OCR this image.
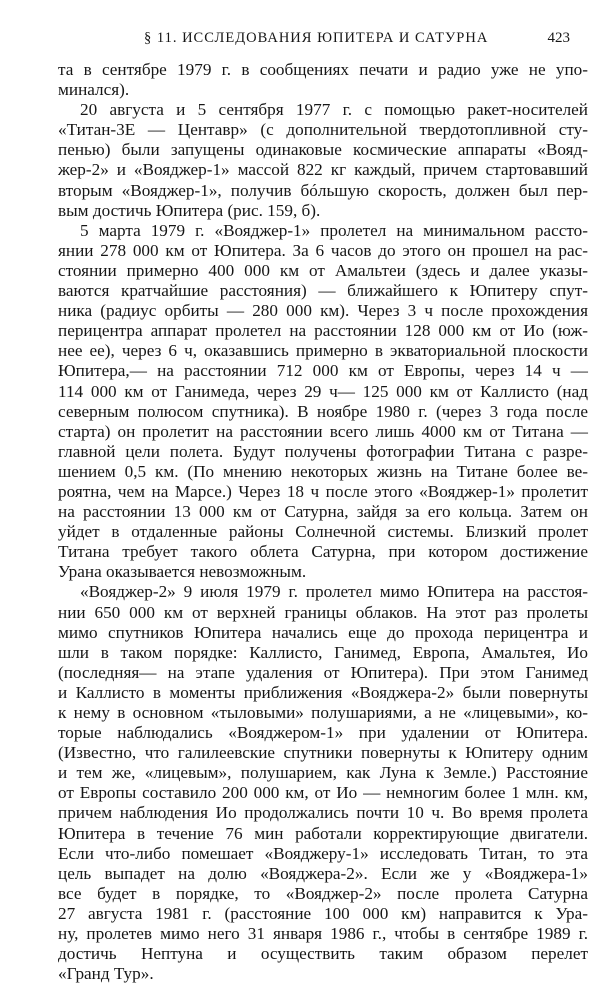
§ 11. ИССЛЕДОВАНИЯ ЮПИТЕРА И САТУРНА	423
та в сентябре 1979 г. в сообщениях печати и радио уже не упо-
минался).
20 августа и 5 сентября 1977 г. с помощью ракет-носителей
«Титан-3Е — Центавр» (с дополнительной твердотопливной сту-
пенью) были запущены одинаковые космические аппараты «Вояд-
жер-2» и «Вояджер-1» массой 822 кг каждый, причем стартовавший
вторым «Вояджер-1», получив бóльшую скорость, должен был пер-
вым достичь Юпитера (рис. 159, б).
5 марта 1979 г. «Вояджер-1» пролетел на минимальном рассто-
янии 278 000 км от Юпитера. За 6 часов до этого он прошел на рас-
стоянии примерно 400 000 км от Амальтеи (здесь и далее указы-
ваются кратчайшие расстояния) — ближайшего к Юпитеру спут-
ника (радиус орбиты — 280 000 км). Через 3 ч после прохождения
перицентра аппарат пролетел на расстоянии 128 000 км от Ио (юж-
нее ее), через 6 ч, оказавшись примерно в экваториальной плоскости
Юпитера,— на расстоянии 712 000 км от Европы, через 14 ч —
114 000 км от Ганимеда, через 29 ч— 125 000 км от Каллисто (над
северным полюсом спутника). В ноябре 1980 г. (через 3 года после
старта) он пролетит на расстоянии всего лишь 4000 км от Титана —
главной цели полета. Будут получены фотографии Титана с разре-
шением 0,5 км. (По мнению некоторых жизнь на Титане более ве-
роятна, чем на Марсе.) Через 18 ч после этого «Вояджер-1» пролетит
на расстоянии 13 000 км от Сатурна, зайдя за его кольца. Затем он
уйдет в отдаленные районы Солнечной системы. Близкий пролет
Титана требует такого облета Сатурна, при котором достижение
Урана оказывается невозможным.
«Вояджер-2» 9 июля 1979 г. пролетел мимо Юпитера на расстоя-
нии 650 000 км от верхней границы облаков. На этот раз пролеты
мимо спутников Юпитера начались еще до прохода перицентра и
шли в таком порядке: Каллисто, Ганимед, Европа, Амальтея, Ио
(последняя— на этапе удаления от Юпитера). При этом Ганимед
и Каллисто в моменты приближения «Вояджера-2» были повернуты
к нему в основном «тыловыми» полушариями, а не «лицевыми», ко-
торые наблюдались «Вояджером-1» при удалении от Юпитера.
(Известно, что галилеевские спутники повернуты к Юпитеру одним
и тем же, «лицевым», полушарием, как Луна к Земле.) Расстояние
от Европы составило 200 000 км, от Ио — немногим более 1 млн. км,
причем наблюдения Ио продолжались почти 10 ч. Во время пролета
Юпитера в течение 76 мин работали корректирующие двигатели.
Если что-либо помешает «Вояджеру-1» исследовать Титан, то эта
цель выпадет на долю «Вояджера-2». Если же у «Вояджера-1»
все будет в порядке, то «Вояджер-2» после пролета Сатурна
27 августа 1981 г. (расстояние 100 000 км) направится к Ура-
ну, пролетев мимо него 31 января 1986 г., чтобы в сентябре 1989 г.
достичь Нептуна и осуществить таким образом перелет
«Гранд Тур».
